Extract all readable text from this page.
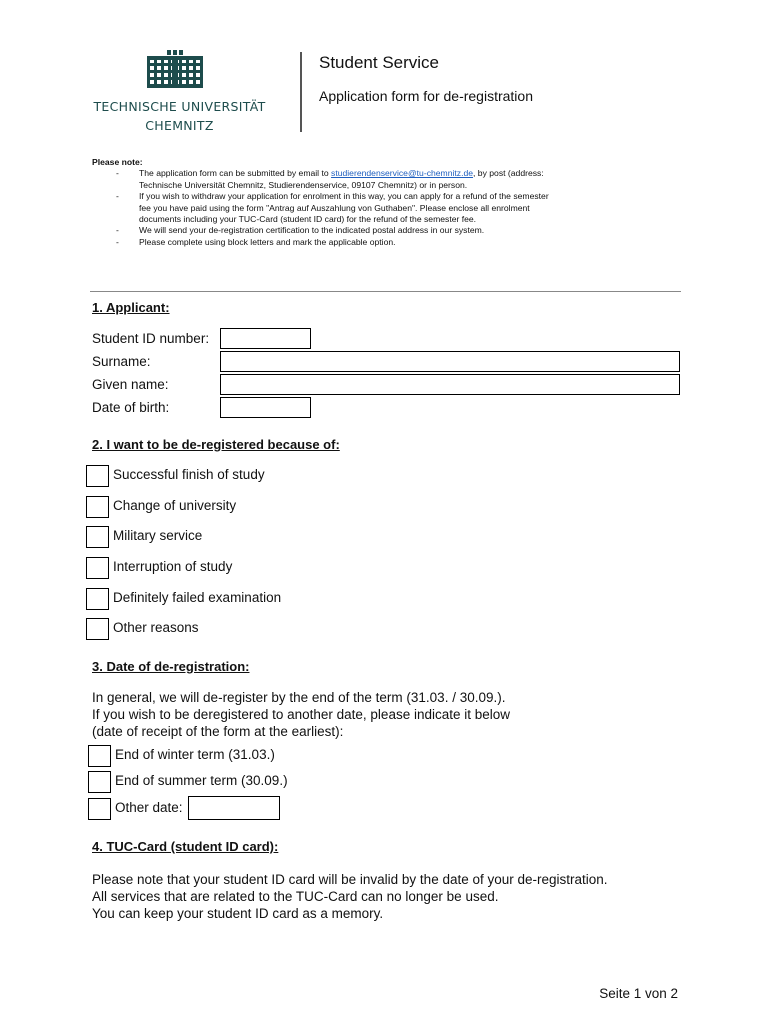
TECHNISCHE UNIVERSITÄT
CHEMNITZ
Student Service
Application form for de-registration
Please note:
- The application form can be submitted by email to studierendenservice@tu-chemnitz.de, by post (address:
Technische Universität Chemnitz, Studierendenservice, 09107 Chemnitz) or in person.
- If you wish to withdraw your application for enrolment in this way, you can apply for a refund of the semester
fee you have paid using the form "Antrag auf Auszahlung von Guthaben". Please enclose all enrolment
documents including your TUC-Card (student ID card) for the refund of the semester fee.
- We will send your de-registration certification to the indicated postal address in our system.
- Please complete using block letters and mark the applicable option.
1. Applicant:
Student ID number:
Surname:
Given name:
Date of birth:
2. I want to be de-registered because of:
Successful finish of study
Change of university
Military service
Interruption of study
Definitely failed examination
Other reasons
3. Date of de-registration:
In general, we will de-register by the end of the term (31.03. / 30.09.).
If you wish to be deregistered to another date, please indicate it below
(date of receipt of the form at the earliest):
End of winter term (31.03.)
End of summer term (30.09.)
Other date:
4. TUC-Card (student ID card):
Please note that your student ID card will be invalid by the date of your de-registration.
All services that are related to the TUC-Card can no longer be used.
You can keep your student ID card as a memory.
Seite 1 von 2
